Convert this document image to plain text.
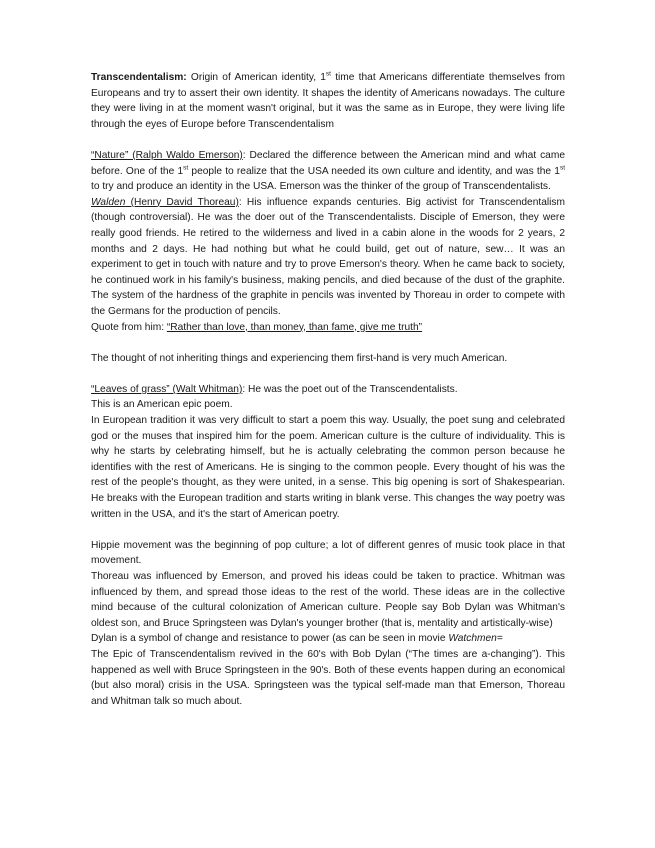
Transcendentalism: Origin of American identity, 1st time that Americans differentiate themselves from Europeans and try to assert their own identity. It shapes the identity of Americans nowadays. The culture they were living in at the moment wasn't original, but it was the same as in Europe, they were living life through the eyes of Europe before Transcendentalism

“Nature” (Ralph Waldo Emerson): Declared the difference between the American mind and what came before. One of the 1st people to realize that the USA needed its own culture and identity, and was the 1st to try and produce an identity in the USA. Emerson was the thinker of the group of Transcendentalists.

Walden (Henry David Thoreau): His influence expands centuries. Big activist for Transcendentalism (though controversial). He was the doer out of the Transcendentalists. Disciple of Emerson, they were really good friends. He retired to the wilderness and lived in a cabin alone in the woods for 2 years, 2 months and 2 days. He had nothing but what he could build, get out of nature, sew… It was an experiment to get in touch with nature and try to prove Emerson's theory. When he came back to society, he continued work in his family's business, making pencils, and died because of the dust of the graphite. The system of the hardness of the graphite in pencils was invented by Thoreau in order to compete with the Germans for the production of pencils.

Quote from him: “Rather than love, than money, than fame, give me truth”

The thought of not inheriting things and experiencing them first-hand is very much American.

“Leaves of grass” (Walt Whitman): He was the poet out of the Transcendentalists.

This is an American epic poem.

In European tradition it was very difficult to start a poem this way. Usually, the poet sung and celebrated god or the muses that inspired him for the poem. American culture is the culture of individuality. This is why he starts by celebrating himself, but he is actually celebrating the common person because he identifies with the rest of Americans. He is singing to the common people. Every thought of his was the rest of the people's thought, as they were united, in a sense. This big opening is sort of Shakespearian. He breaks with the European tradition and starts writing in blank verse. This changes the way poetry was written in the USA, and it's the start of American poetry.

Hippie movement was the beginning of pop culture; a lot of different genres of music took place in that movement.

Thoreau was influenced by Emerson, and proved his ideas could be taken to practice. Whitman was influenced by them, and spread those ideas to the rest of the world. These ideas are in the collective mind because of the cultural colonization of American culture. People say Bob Dylan was Whitman's oldest son, and Bruce Springsteen was Dylan's younger brother (that is, mentality and artistically-wise)

Dylan is a symbol of change and resistance to power (as can be seen in movie Watchmen=

The Epic of Transcendentalism revived in the 60's with Bob Dylan (“The times are a-changing”). This happened as well with Bruce Springsteen in the 90's. Both of these events happen during an economical (but also moral) crisis in the USA. Springsteen was the typical self-made man that Emerson, Thoreau and Whitman talk so much about.
